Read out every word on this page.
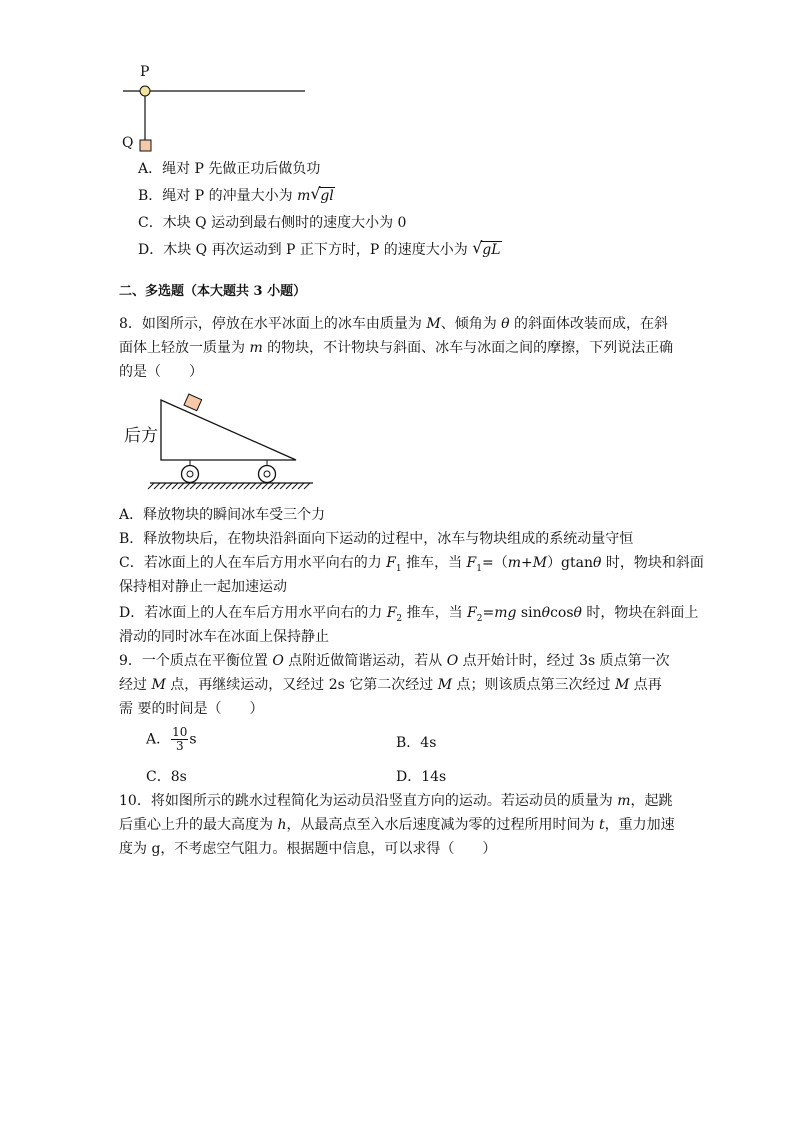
P
Q
A．绳对 P 先做正功后做负功
B．绳对 P 的冲量大小为 m √ gl
C．木块 Q 运动到最右侧时的速度大小为 0
D．木块 Q 再次运动到 P 正下方时，P 的速度大小为 √ gL
二、多选题（本大题共 3 小题）
8．如图所示，停放在水平冰面上的冰车由质量为 M、倾角为 θ 的斜面体改装而成，在斜
面体上轻放一质量为 m 的物块，不计物块与斜面、冰车与冰面之间的摩擦，下列说法正确
的是（　　）
后方
A．释放物块的瞬间冰车受三个力
B．释放物块后，在物块沿斜面向下运动的过程中，冰车与物块组成的系统动量守恒
C．若冰面上的人在车后方用水平向右的力 $F_1$ 推车，当 $F_1=(m+M)gtan\theta$ 时，物块和斜面
保持相对静止一起加速运动
D．若冰面上的人在车后方用水平向右的力 $F_2$ 推车，当 $F_2=mg$ sinθcosθ 时，物块在斜面上
滑动的同时冰车在冰面上保持静止
9．一个质点在平衡位置 O 点附近做简谐运动，若从 O 点开始计时，经过 3s 质点第一次
经过 M 点，再继续运动，又经过 2s 它第二次经过 M 点；则该质点第三次经过 M 点再
需 要的时间是（　　）
A． $\frac{10}{3}$ s	B．4s
C．8s	D．14s
10．将如图所示的跳水过程简化为运动员沿竖直方向的运动。若运动员的质量为 m，起跳
后重心上升的最大高度为 h，从最高点至入水后速度减为零的过程所用时间为 t，重力加速
度为 g，不考虑空气阻力。根据题中信息，可以求得（　　）
